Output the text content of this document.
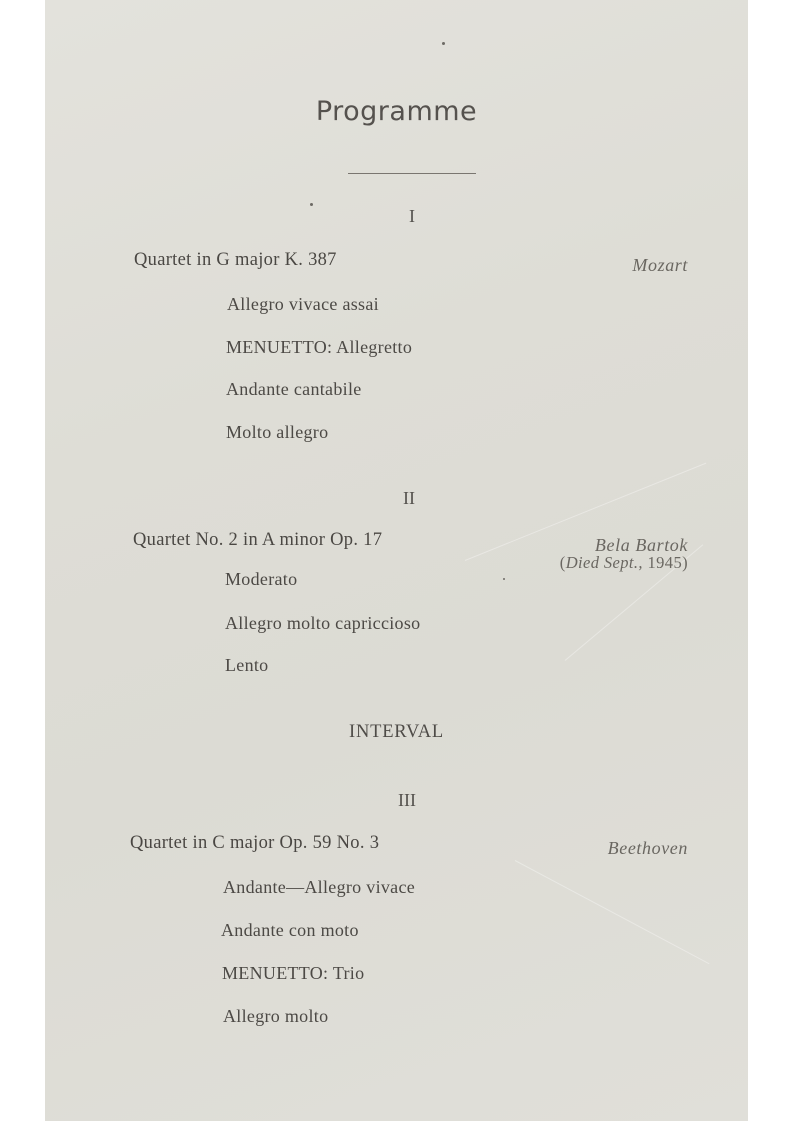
Programme
I
Quartet in G major K. 387	Mozart
Allegro vivace assai
MENUETTO: Allegretto
Andante cantabile
Molto allegro
II
Quartet No. 2 in A minor Op. 17	Bela Bartok
(Died Sept., 1945)
Moderato
Allegro molto capriccioso
Lento
INTERVAL
III
Quartet in C major Op. 59 No. 3	Beethoven
Andante—Allegro vivace
Andante con moto
MENUETTO: Trio
Allegro molto
